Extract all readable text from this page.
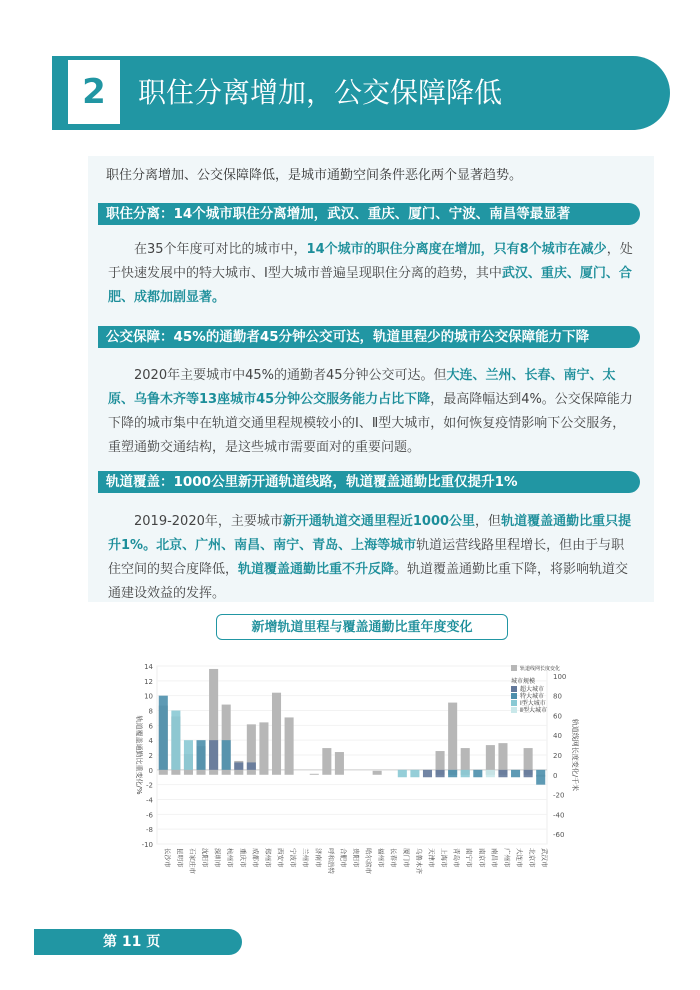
2	职住分离增加，公交保障降低
职住分离增加、公交保障降低，是城市通勤空间条件恶化两个显著趋势。
职住分离：14个城市职住分离增加，武汉、重庆、厦门、宁波、南昌等最显著
在35个年度可对比的城市中，14个城市的职住分离度在增加，只有8个城市在减少，处于快速发展中的特大城市、Ⅰ型大城市普遍呈现职住分离的趋势，其中武汉、重庆、厦门、合肥、成都加剧显著。
公交保障：45%的通勤者45分钟公交可达，轨道里程少的城市公交保障能力下降
2020年主要城市中45%的通勤者45分钟公交可达。但大连、兰州、长春、南宁、太原、乌鲁木齐等13座城市45分钟公交服务能力占比下降，最高降幅达到4%。公交保障能力下降的城市集中在轨道交通里程规模较小的Ⅰ、Ⅱ型大城市，如何恢复疫情影响下公交服务，重塑通勤交通结构，是这些城市需要面对的重要问题。
轨道覆盖：1000公里新开通轨道线路，轨道覆盖通勤比重仅提升1%
2019-2020年，主要城市新开通轨道交通里程近1000公里，但轨道覆盖通勤比重只提升1%。北京、广州、南昌、南宁、青岛、上海等城市轨道运营线路里程增长，但由于与职住空间的契合度降低，轨道覆盖通勤比重不升反降。轨道覆盖通勤比重下降，将影响轨道交通建设效益的发挥。
新增轨道里程与覆盖通勤比重年度变化
-10
-8
-6
-4
-2
0
2
4
6
8
10
12
14
-60
-40
-20
0
20
40
60
80
100
长沙市 昆明市 石家庄市 沈阳市 深圳市 杭州市 重庆市 成都市 郑州市 西安市 宁波市 兰州市 济南市 呼和浩特 合肥市 贵阳市 哈尔滨市 福州市 长春市 厦门市 乌鲁木齐 天津市 上海市 青岛市 南宁市 南京市 南昌市 广州市 大连市 北京市 武汉市
轨道覆盖通勤比重变化/%	轨道线网长度变化/千米
轨道线网长度变化
城市规模
超大城市
特大城市
Ⅰ型大城市
Ⅱ型大城市
第 11 页
